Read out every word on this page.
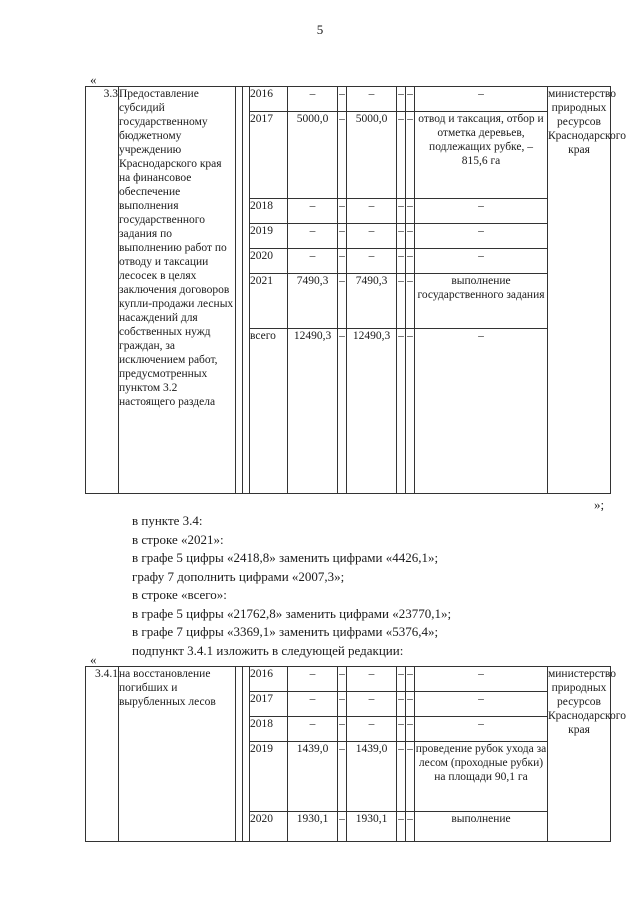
5
«
3.3	Предоставление субсидий государственному бюджетному учреждению Краснодарского края на финансовое обеспечение выполнения государственного задания по выполнению работ по отводу и таксации лесосек в целях заключения договоров купли-продажи лесных насаждений для собственных нужд граждан, за исключением работ, предусмотренных пунктом 3.2 настоящего раздела			2016	–	–	–	–	–	–	министерство природных ресурсов Краснодарского края
				2017	5000,0	–	5000,0	–	–	отвод и таксация, отбор и отметка деревьев, подлежащих рубке, – 815,6 га	
				2018	–	–	–	–	–	–	
				2019	–	–	–	–	–	–	
				2020	–	–	–	–	–	–	
				2021	7490,3	–	7490,3	–	–	выполнение государственного задания	
				всего	12490,3	–	12490,3	–	–	–	
»;
в пункте 3.4:
в строке «2021»:
в графе 5 цифры «2418,8» заменить цифрами «4426,1»;
графу 7 дополнить цифрами «2007,3»;
в строке «всего»:
в графе 5 цифры «21762,8» заменить цифрами «23770,1»;
в графе 7 цифры «3369,1» заменить цифрами «5376,4»;
подпункт 3.4.1 изложить в следующей редакции:
«
3.4.1	на восстановление погибших и вырубленных лесов			2016	–	–	–	–	–	–	министерство природных ресурсов Краснодарского края
				2017	–	–	–	–	–	–	
				2018	–	–	–	–	–	–	
				2019	1439,0	–	1439,0	–	–	проведение рубок ухода за лесом (проходные рубки) на площади 90,1 га	
				2020	1930,1	–	1930,1	–	–	выполнение	
